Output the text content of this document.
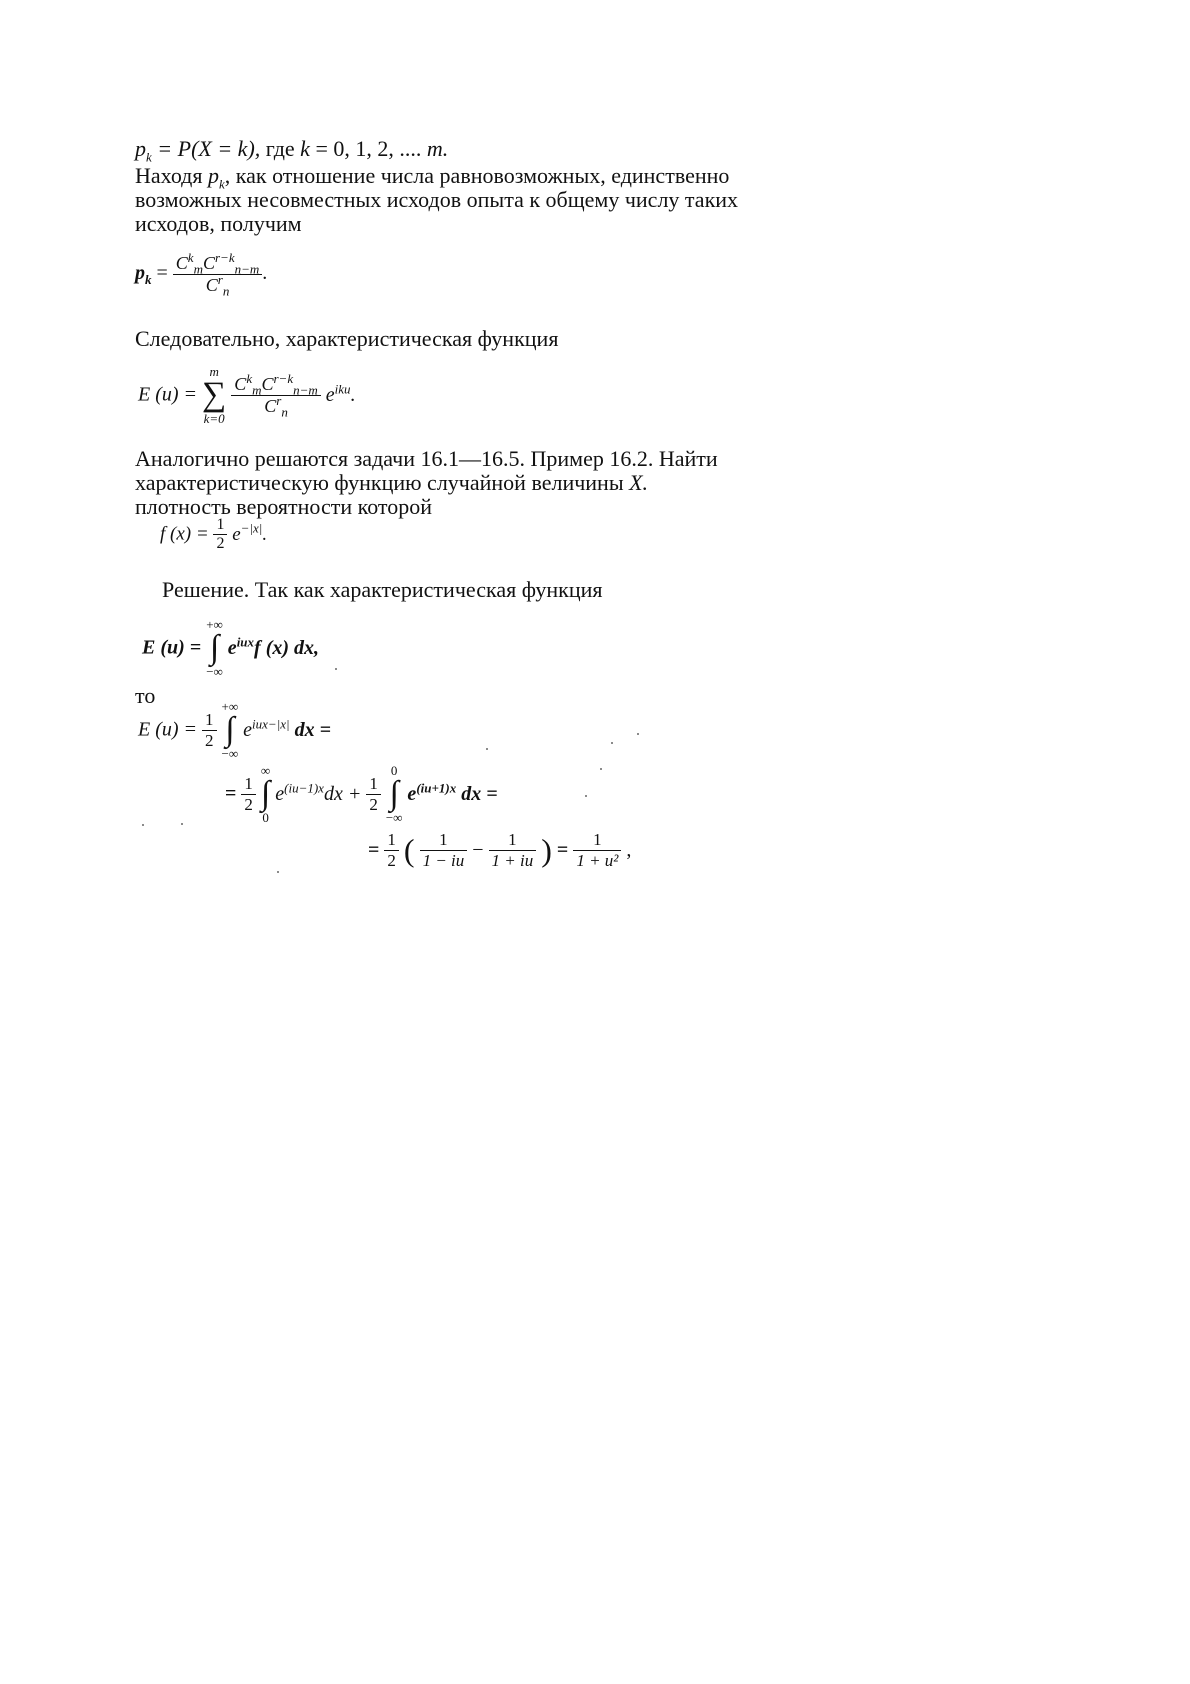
$p_k = P(X = k)$, где k = 0, 1, 2, .... m.
Находя $p_k$, как отношение числа равновозможных, единственно
возможных несовместных исходов опыта к общему числу таких
исходов, получим
$p_k = \frac{C^k_mC^{r-k}_{n-m}}{C^r_n}$ .
Следовательно, характеристическая функция
E (u) =
m
∑
k=0

$\frac{C^k_mC^{r-k}_{n-m}}{C^r_n} e^{iku}$.
Аналогично решаются задачи 16.1—16.5. Пример 16.2. Найти
характеристическую функцию случайной величины X.
плотность вероятности которой
f $(x) = \frac{1}{2} e^{-|x|}$.
Решение. Так как характеристическая функция
E (u) =
+∞
∫
−∞
$e^{iux}f$ (x) dx,
то
E $(u) = \frac{1}{2}$

+∞
∫
−∞
$e^{iux-|x|}$ dx =
= $\frac{1}{2}$

∞
∫
0
$e^{(iu-1)x}dx + \frac{1}{2}$

0
∫
−∞
$e^{(iu+1)x}$ dx =
= $\frac{1}{2}$ ( $\frac{1}{1 - iu} - \frac{1}{1 + iu}$ ) = $\frac{1}{\text{1 + u²}}$ ,
